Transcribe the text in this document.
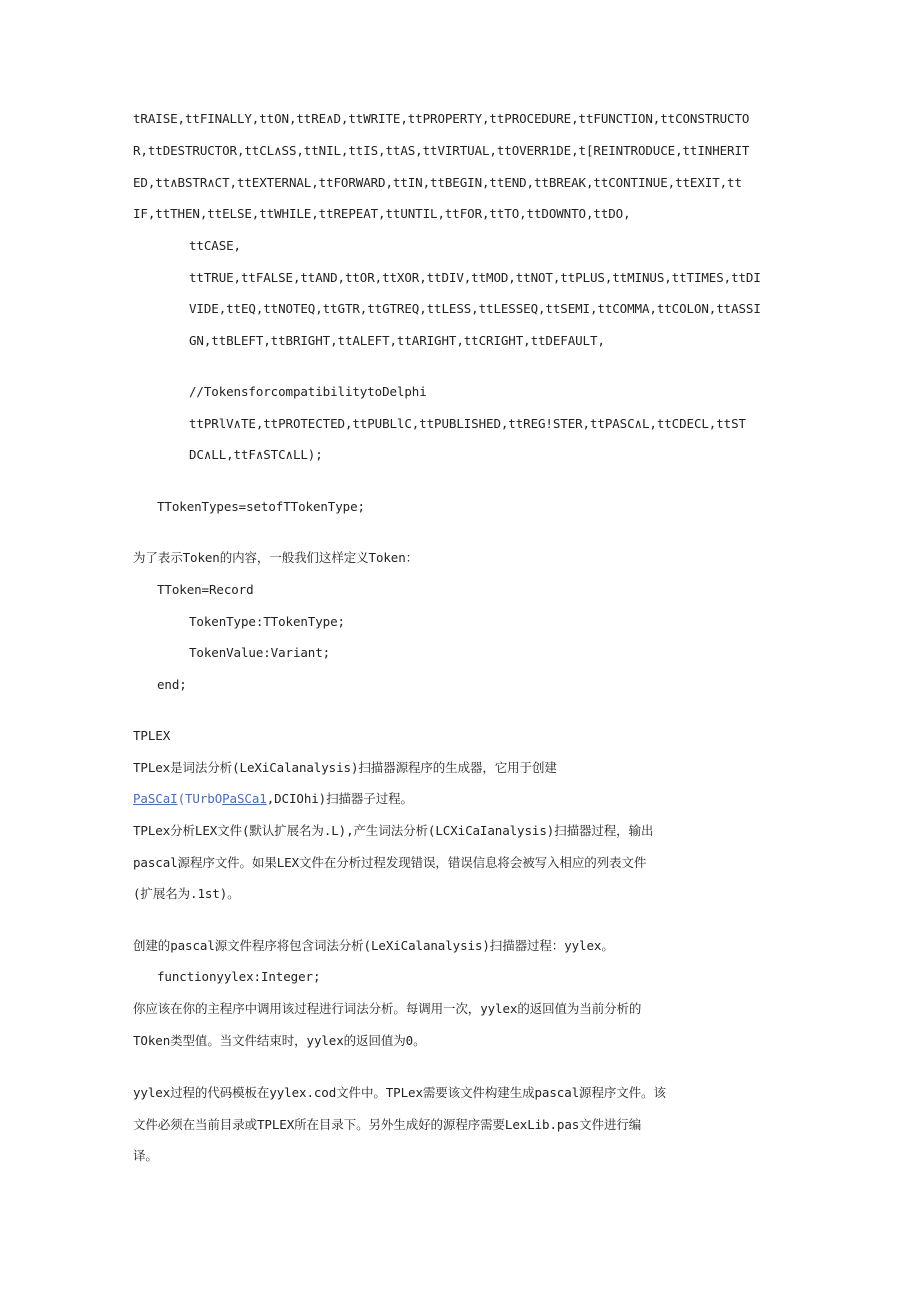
tRAISE,ttFINALLY,ttON,ttRE∧D,ttWRITE,ttPROPERTY,ttPROCEDURE,ttFUNCTION,ttCONSTRUCTO
R,ttDESTRUCTOR,ttCL∧SS,ttNIL,ttIS,ttAS,ttVIRTUAL,ttOVERR1DE,t[REINTRODUCE,ttINHERIT
ED,tt∧BSTR∧CT,ttEXTERNAL,ttFORWARD,ttIN,ttBEGIN,ttEND,ttBREAK,ttCONTINUE,ttEXIT,tt
IF,ttTHEN,ttELSE,ttWHILE,ttREPEAT,ttUNTIL,ttFOR,ttTO,ttDOWNTO,ttDO,
ttCASE,
ttTRUE,ttFALSE,ttAND,ttOR,ttXOR,ttDIV,ttMOD,ttNOT,ttPLUS,ttMINUS,ttTIMES,ttDI
VIDE,ttEQ,ttNOTEQ,ttGTR,ttGTREQ,ttLESS,ttLESSEQ,ttSEMI,ttCOMMA,ttCOLON,ttASSI
GN,ttBLEFT,ttBRIGHT,ttALEFT,ttARIGHT,ttCRIGHT,ttDEFAULT,
//TokensforcompatibilitytoDelphi
ttPRlV∧TE,ttPROTECTED,ttPUBLlC,ttPUBLISHED,ttREG!STER,ttPASC∧L,ttCDECL,ttST
DC∧LL,ttF∧STC∧LL);
TTokenTypes=setofTTokenType;
为了表示Token的内容，一般我们这样定义Token：
TToken=Record
TokenType:TTokenType;
TokenValue:Variant;
end;
TPLEX
TPLex是词法分析(LeXiCalanalysis)扫描器源程序的生成器，它用于创建
PaSCaI(TUrbOPaSCa1,DCIOhi)扫描器子过程。
TPLex分析LEX文件(默认扩展名为.L),产生词法分析(LCXiCaIanalysis)扫描器过程，输出
pascal源程序文件。如果LEX文件在分析过程发现错误，错误信息将会被写入相应的列表文件
(扩展名为.1st)。
创建的pascal源文件程序将包含词法分析(LeXiCalanalysis)扫描器过程：yylex。
functionyylex:Integer;
你应该在你的主程序中调用该过程进行词法分析。每调用一次，yylex的返回值为当前分析的
TOken类型值。当文件结束时，yylex的返回值为0。
yylex过程的代码模板在yylex.cod文件中。TPLex需要该文件构建生成pascal源程序文件。该
文件必须在当前目录或TPLEX所在目录下。另外生成好的源程序需要LexLib.pas文件进行编
译。
